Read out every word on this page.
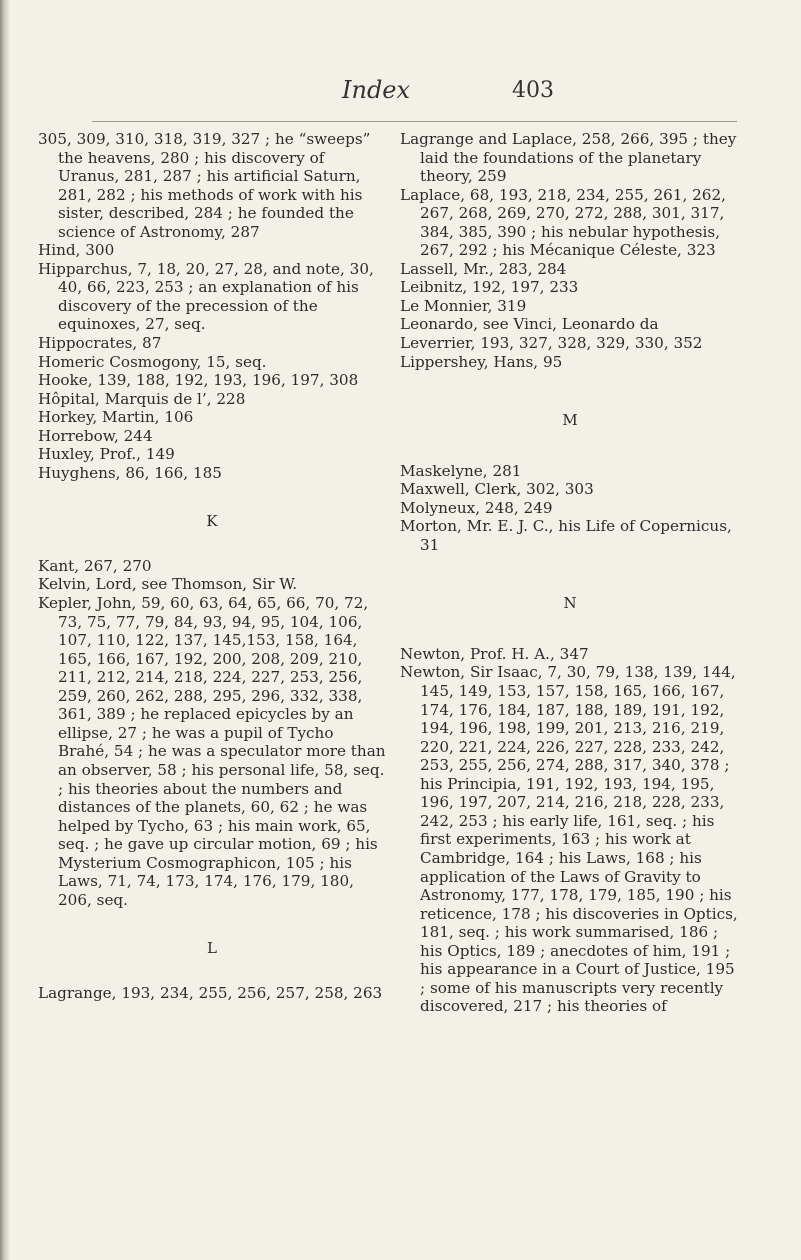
Index	403

305, 309, 310, 318, 319, 327 ; he “sweeps” the heavens, 280 ; his discovery of Uranus, 281, 287 ; his artificial Saturn, 281, 282 ; his methods of work with his sister, described, 284 ; he founded the science of Astronomy, 287

Hind, 300

Hipparchus, 7, 18, 20, 27, 28, and note, 30, 40, 66, 223, 253 ; an explanation of his discovery of the precession of the equinoxes, 27, seq.

Hippocrates, 87

Homeric Cosmogony, 15, seq.

Hooke, 139, 188, 192, 193, 196, 197, 308

Hôpital, Marquis de l’, 228

Horkey, Martin, 106

Horrebow, 244

Huxley, Prof., 149

Huyghens, 86, 166, 185

K

Kant, 267, 270

Kelvin, Lord, see Thomson, Sir W.

Kepler, John, 59, 60, 63, 64, 65, 66, 70, 72, 73, 75, 77, 79, 84, 93, 94, 95, 104, 106, 107, 110, 122, 137, 145,153, 158, 164, 165, 166, 167, 192, 200, 208, 209, 210, 211, 212, 214, 218, 224, 227, 253, 256, 259, 260, 262, 288, 295, 296, 332, 338, 361, 389 ; he replaced epicycles by an ellipse, 27 ; he was a pupil of Tycho Brahé, 54 ; he was a speculator more than an observer, 58 ; his personal life, 58, seq. ; his theories about the numbers and distances of the planets, 60, 62 ; he was helped by Tycho, 63 ; his main work, 65, seq. ; he gave up circular motion, 69 ; his Mysterium Cosmographicon, 105 ; his Laws, 71, 74, 173, 174, 176, 179, 180, 206, seq.

L

Lagrange, 193, 234, 255, 256, 257, 258, 263

Lagrange and Laplace, 258, 266, 395 ; they laid the foundations of the planetary theory, 259

Laplace, 68, 193, 218, 234, 255, 261, 262, 267, 268, 269, 270, 272, 288, 301, 317, 384, 385, 390 ; his nebular hypothesis, 267, 292 ; his Mécanique Céleste, 323

Lassell, Mr., 283, 284

Leibnitz, 192, 197, 233

Le Monnier, 319

Leonardo, see Vinci, Leonardo da

Leverrier, 193, 327, 328, 329, 330, 352

Lippershey, Hans, 95

M

Maskelyne, 281

Maxwell, Clerk, 302, 303

Molyneux, 248, 249

Morton, Mr. E. J. C., his Life of Copernicus, 31

N

Newton, Prof. H. A., 347

Newton, Sir Isaac, 7, 30, 79, 138, 139, 144, 145, 149, 153, 157, 158, 165, 166, 167, 174, 176, 184, 187, 188, 189, 191, 192, 194, 196, 198, 199, 201, 213, 216, 219, 220, 221, 224, 226, 227, 228, 233, 242, 253, 255, 256, 274, 288, 317, 340, 378 ; his Principia, 191, 192, 193, 194, 195, 196, 197, 207, 214, 216, 218, 228, 233, 242, 253 ; his early life, 161, seq. ; his first experiments, 163 ; his work at Cambridge, 164 ; his Laws, 168 ; his application of the Laws of Gravity to Astronomy, 177, 178, 179, 185, 190 ; his reticence, 178 ; his discoveries in Optics, 181, seq. ; his work summarised, 186 ; his Optics, 189 ; anecdotes of him, 191 ; his appearance in a Court of Justice, 195 ; some of his manuscripts very recently discovered, 217 ; his theories of
